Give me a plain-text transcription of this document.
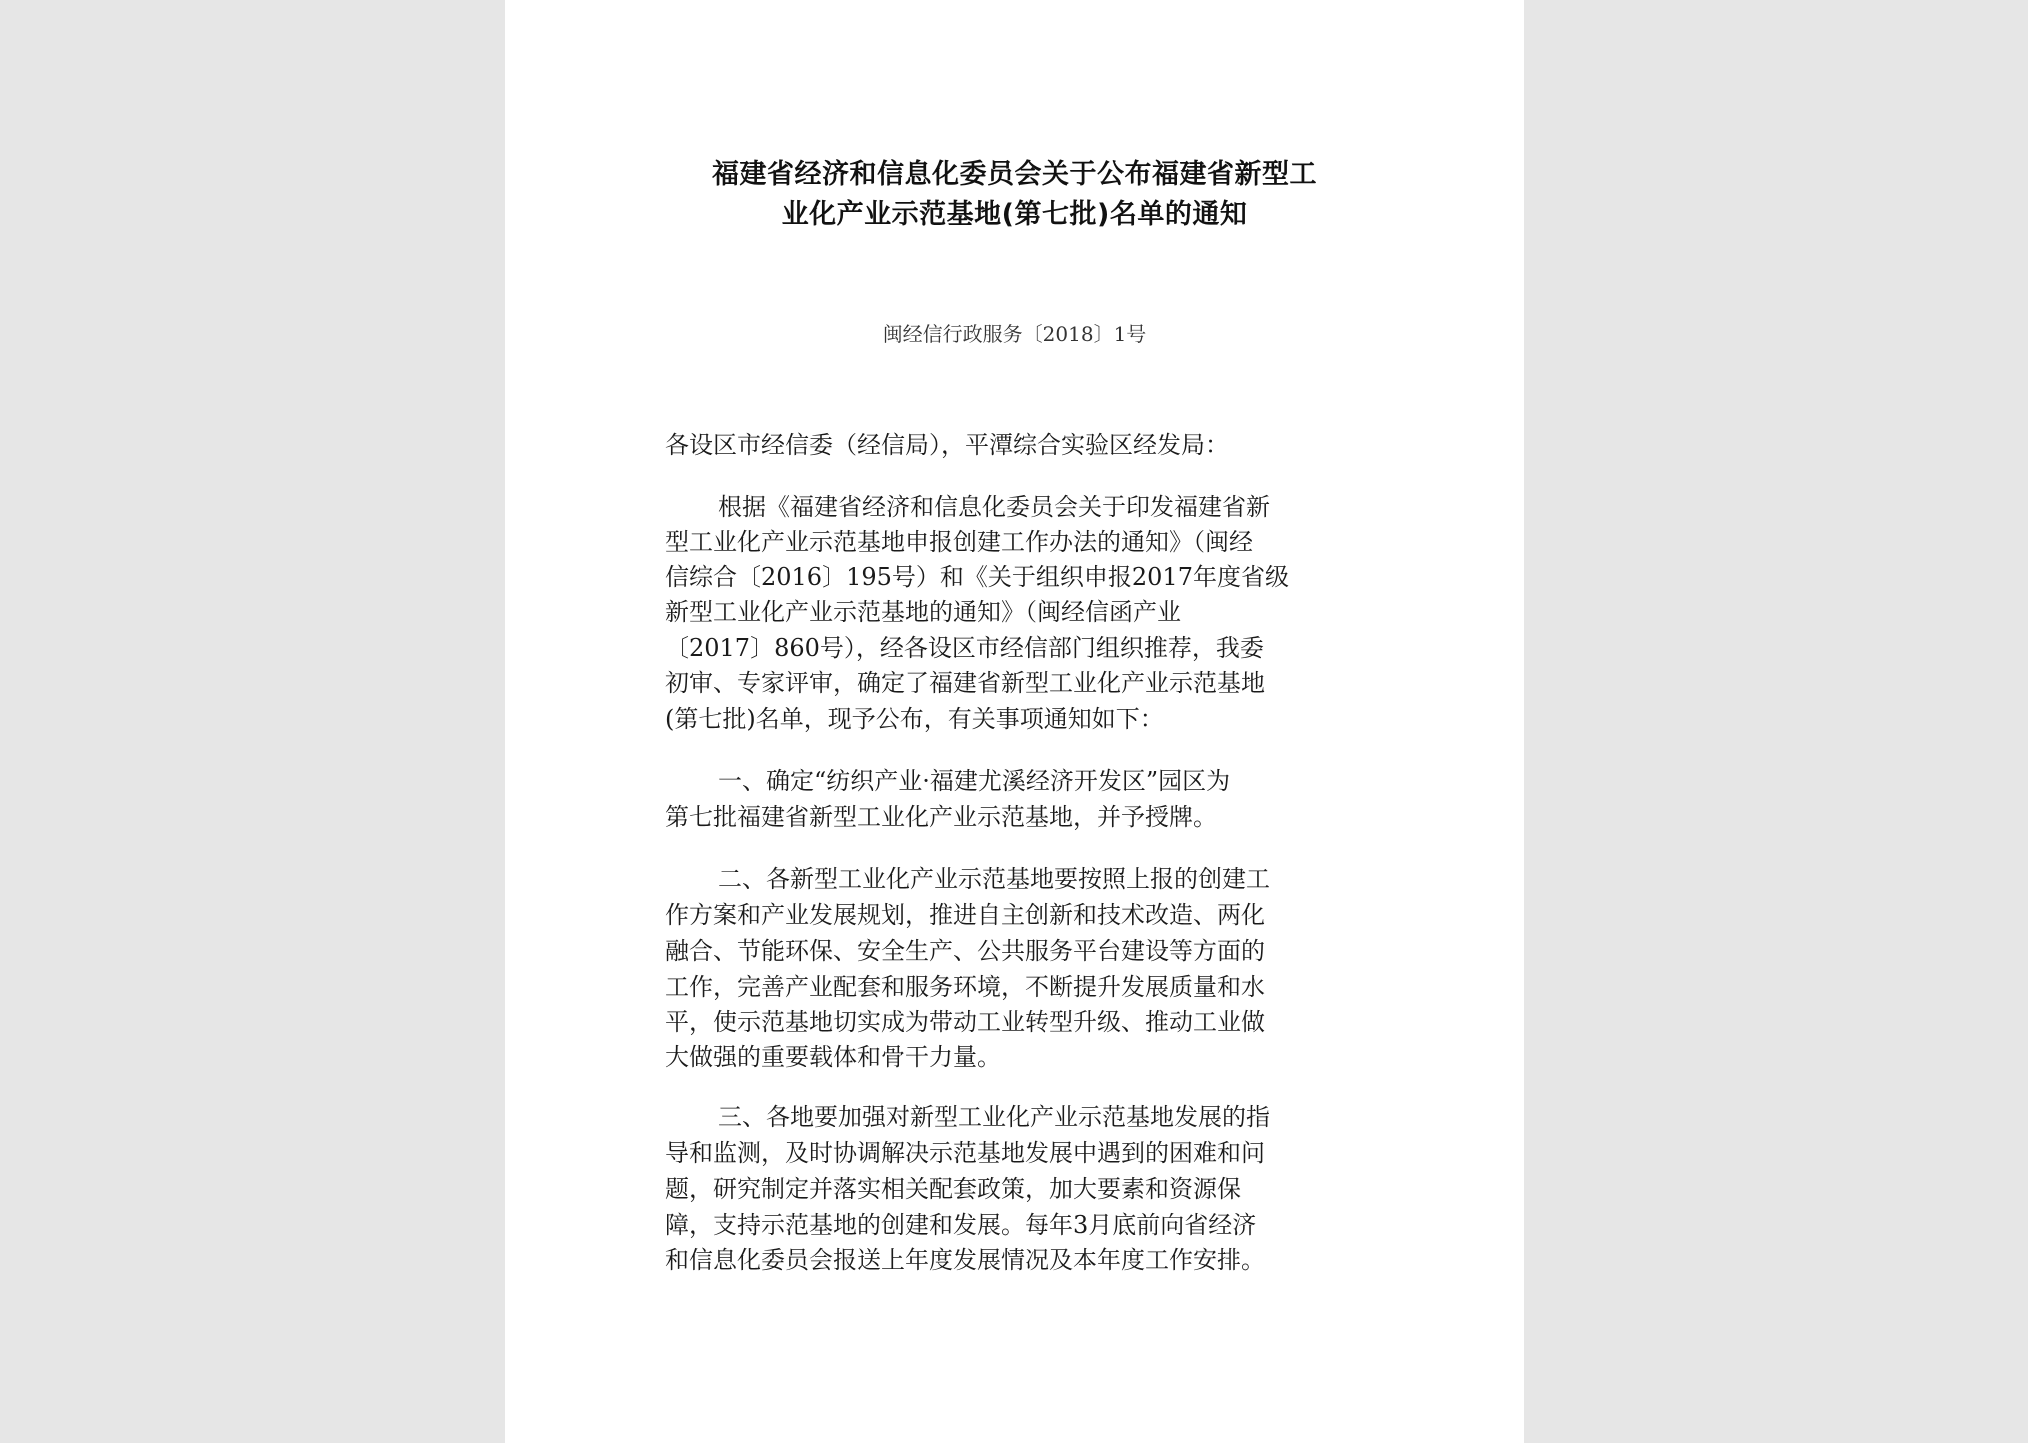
福建省经济和信息化委员会关于公布福建省新型工
业化产业示范基地(第七批)名单的通知
闽经信行政服务〔2018〕1号
各设区市经信委（经信局），平潭综合实验区经发局：
根据《福建省经济和信息化委员会关于印发福建省新
型工业化产业示范基地申报创建工作办法的通知》（闽经
信综合〔2016〕195号）和《关于组织申报2017年度省级
新型工业化产业示范基地的通知》（闽经信函产业
〔2017〕860号），经各设区市经信部门组织推荐，我委
初审、专家评审，确定了福建省新型工业化产业示范基地
(第七批)名单，现予公布，有关事项通知如下：
一、确定“纺织产业·福建尤溪经济开发区”园区为
第七批福建省新型工业化产业示范基地，并予授牌。
二、各新型工业化产业示范基地要按照上报的创建工
作方案和产业发展规划，推进自主创新和技术改造、两化
融合、节能环保、安全生产、公共服务平台建设等方面的
工作，完善产业配套和服务环境，不断提升发展质量和水
平，使示范基地切实成为带动工业转型升级、推动工业做
大做强的重要载体和骨干力量。
三、各地要加强对新型工业化产业示范基地发展的指
导和监测，及时协调解决示范基地发展中遇到的困难和问
题，研究制定并落实相关配套政策，加大要素和资源保
障，支持示范基地的创建和发展。每年3月底前向省经济
和信息化委员会报送上年度发展情况及本年度工作安排。
